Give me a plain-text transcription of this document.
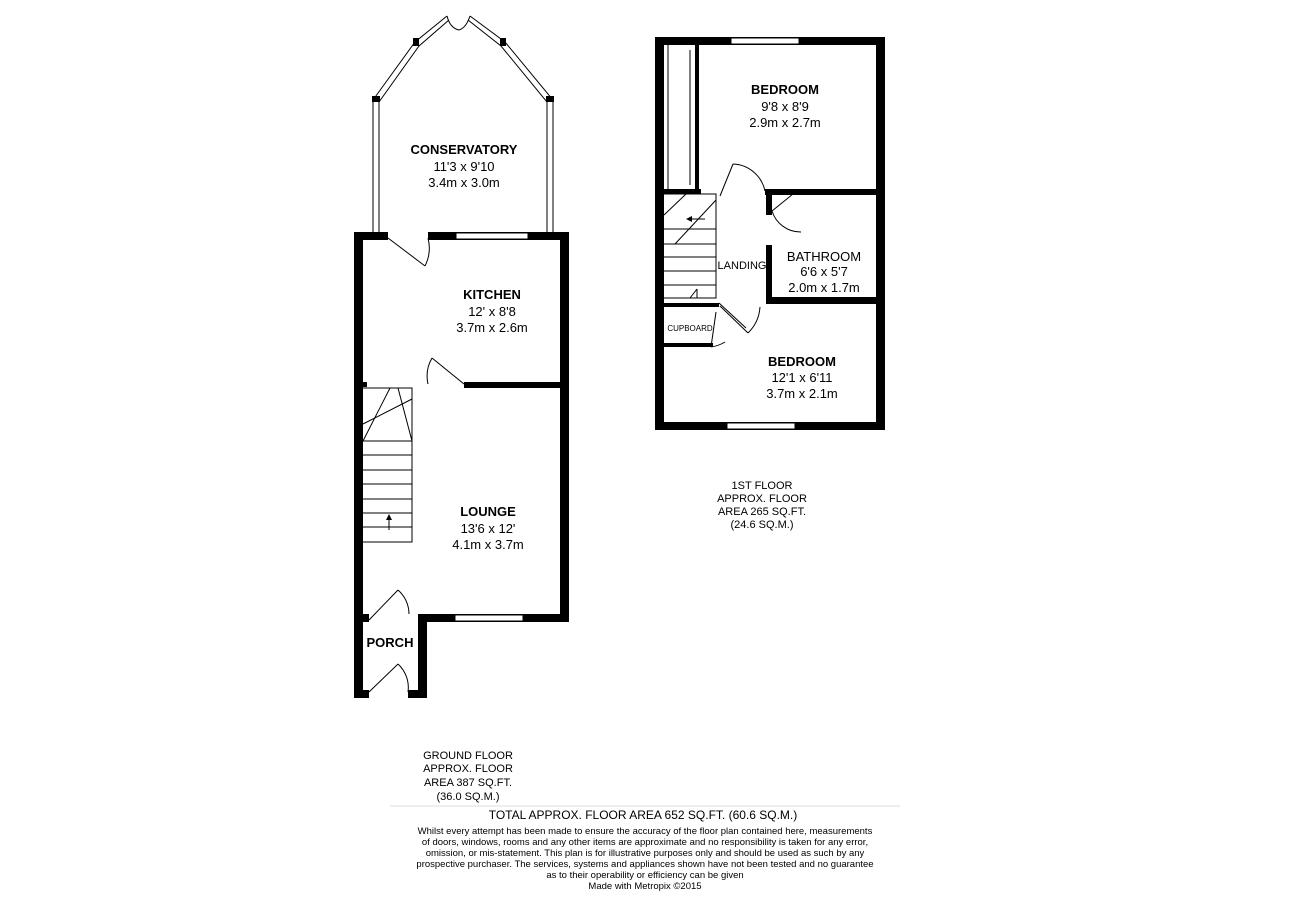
CONSERVATORY
11'3 x 9'10
3.4m x 3.0m
KITCHEN
12' x 8'8
3.7m x 2.6m
LOUNGE
13'6 x 12'
4.1m x 3.7m
PORCH
BEDROOM
9'8 x 8'9
2.9m x 2.7m
BATHROOM
6'6 x 5'7
2.0m x 1.7m
LANDING
CUPBOARD
BEDROOM
12'1 x 6'11
3.7m x 2.1m
1ST FLOOR
APPROX. FLOOR
AREA 265 SQ.FT.
(24.6 SQ.M.)
GROUND FLOOR
APPROX. FLOOR
AREA 387 SQ.FT.
(36.0 SQ.M.)
TOTAL APPROX. FLOOR AREA 652 SQ.FT. (60.6 SQ.M.)
Whilst every attempt has been made to ensure the accuracy of the floor plan contained here, measurements
of doors, windows, rooms and any other items are approximate and no responsibility is taken for any error,
omission, or mis-statement. This plan is for illustrative purposes only and should be used as such by any
prospective purchaser. The services, systems and appliances shown have not been tested and no guarantee
as to their operability or efficiency can be given
Made with Metropix ©2015
